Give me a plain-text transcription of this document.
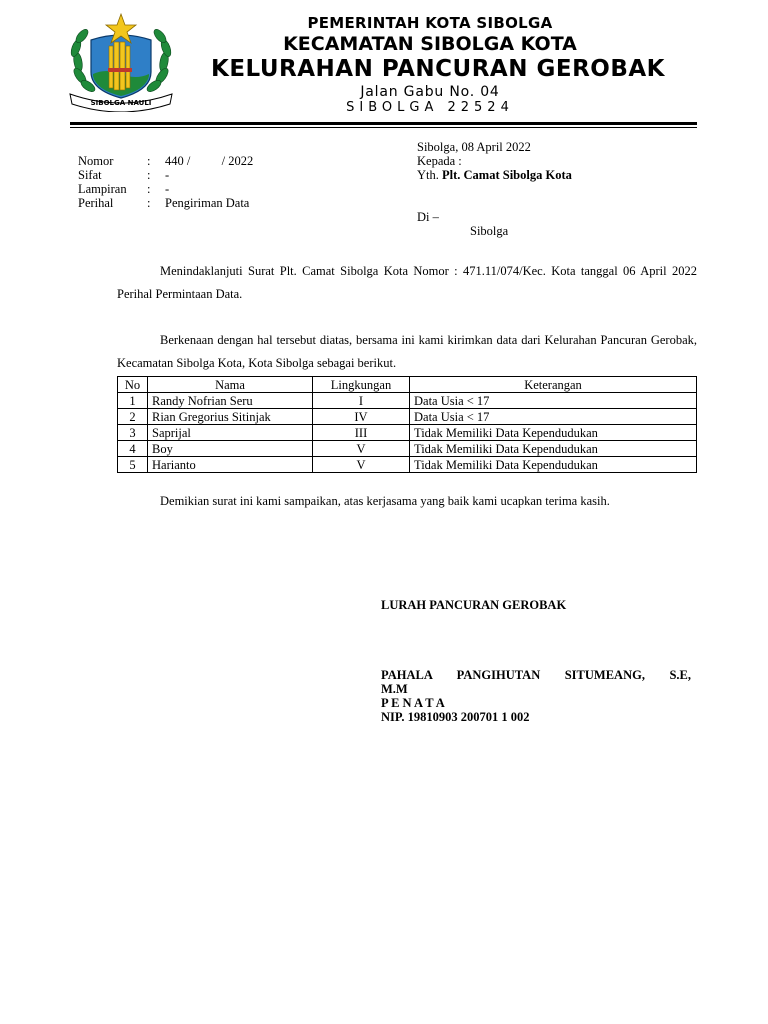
SIBOLGA NAULI
PEMERINTAH KOTA SIBOLGA
KECAMATAN SIBOLGA KOTA
KELURAHAN PANCURAN GEROBAK
Jalan Gabu No. 04
SIBOLGA 22524
Sibolga, 08 April 2022
Kepada :
Yth. Plt. Camat Sibolga Kota
Di –
Sibolga
Nomor	: 440 /          / 2022
Sifat	: -
Lampiran : -
Perihal	: Pengiriman Data
Menindaklanjuti Surat Plt. Camat Sibolga Kota Nomor : 471.11/074/Kec. Kota tanggal 06 April 2022 Perihal Permintaan Data.
Berkenaan dengan hal tersebut diatas, bersama ini kami kirimkan data dari Kelurahan Pancuran Gerobak, Kecamatan Sibolga Kota, Kota Sibolga sebagai berikut.
No	Nama	Lingkungan	Keterangan
1	Randy Nofrian Seru	I	Data Usia < 17
2	Rian Gregorius Sitinjak	IV	Data Usia < 17
3	Saprijal	III	Tidak Memiliki Data Kependudukan
4	Boy	V	Tidak Memiliki Data Kependudukan
5	Harianto	V	Tidak Memiliki Data Kependudukan
Demikian surat ini kami sampaikan, atas kerjasama yang baik kami ucapkan terima kasih.
LURAH PANCURAN GEROBAK
PAHALA PANGIHUTAN SITUMEANG, S.E,
M.M
P E N A T A
NIP. 19810903 200701 1 002
